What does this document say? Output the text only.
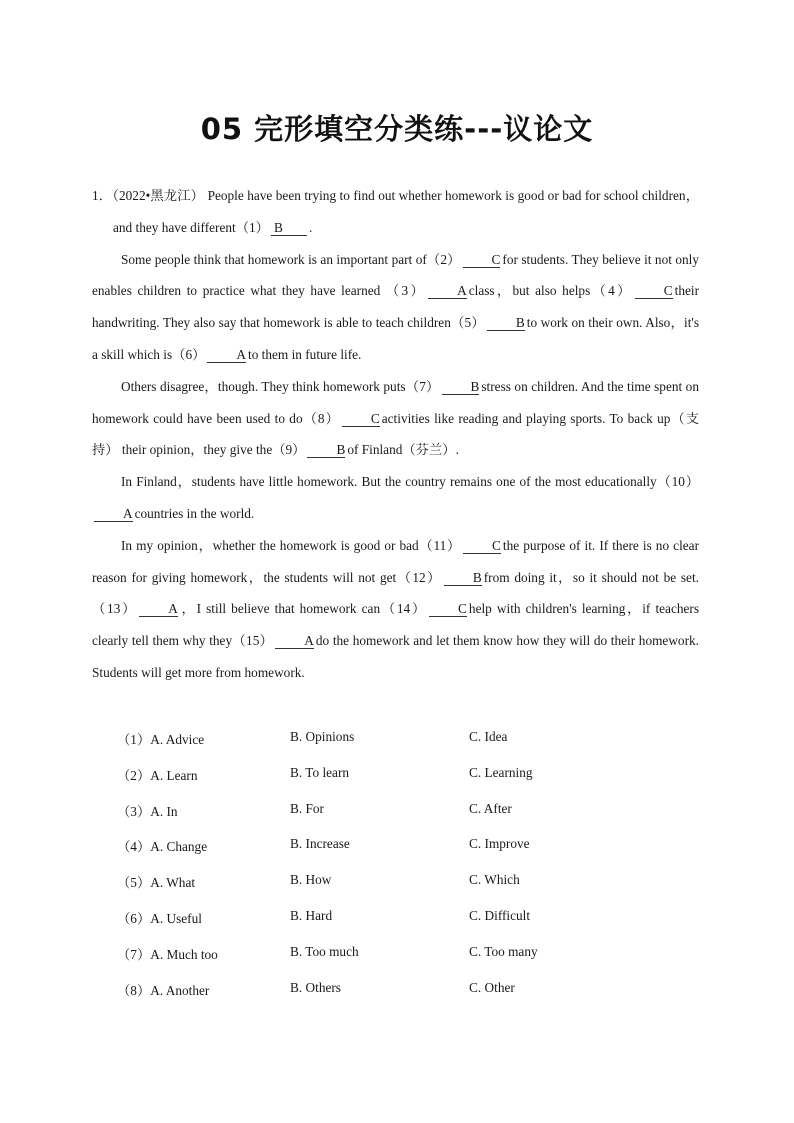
05 完形填空分类练---议论文

1．（2022•黑龙江） People have been trying to find out whether homework is good or bad for school children，and they have different（1） B .

Some people think that homework is an important part of（2） C for students. They believe it not only enables children to practice what they have learned （3） A class，but also helps（4） C their handwriting. They also say that homework is able to teach children（5） B to work on their own. Also，it's a skill which is（6） A to them in future life.

Others disagree，though. They think homework puts（7） B stress on children. And the time spent on homework could have been used to do（8） C activities like reading and playing sports. To back up（支持） their opinion，they give the（9） B of Finland（芬兰）.

In Finland，students have little homework. But the country remains one of the most educationally（10）A countries in the world.

In my opinion，whether the homework is good or bad（11） C the purpose of it. If there is no clear reason for giving homework，the students will not get（12） B from doing it，so it should not be set.（13） A ，I still believe that homework can（14） C help with children's learning，if teachers clearly tell them why they（15） A do the homework and let them know how they will do their homework. Students will get more from homework.

（1）A. Advice	B. Opinions	C. Idea
（2）A. Learn	B. To learn	C. Learning
（3）A. In	B. For	C. After
（4）A. Change	B. Increase	C. Improve
（5）A. What	B. How	C. Which
（6）A. Useful	B. Hard	C. Difficult
（7）A. Much too	B. Too much	C. Too many
（8）A. Another	B. Others	C. Other
